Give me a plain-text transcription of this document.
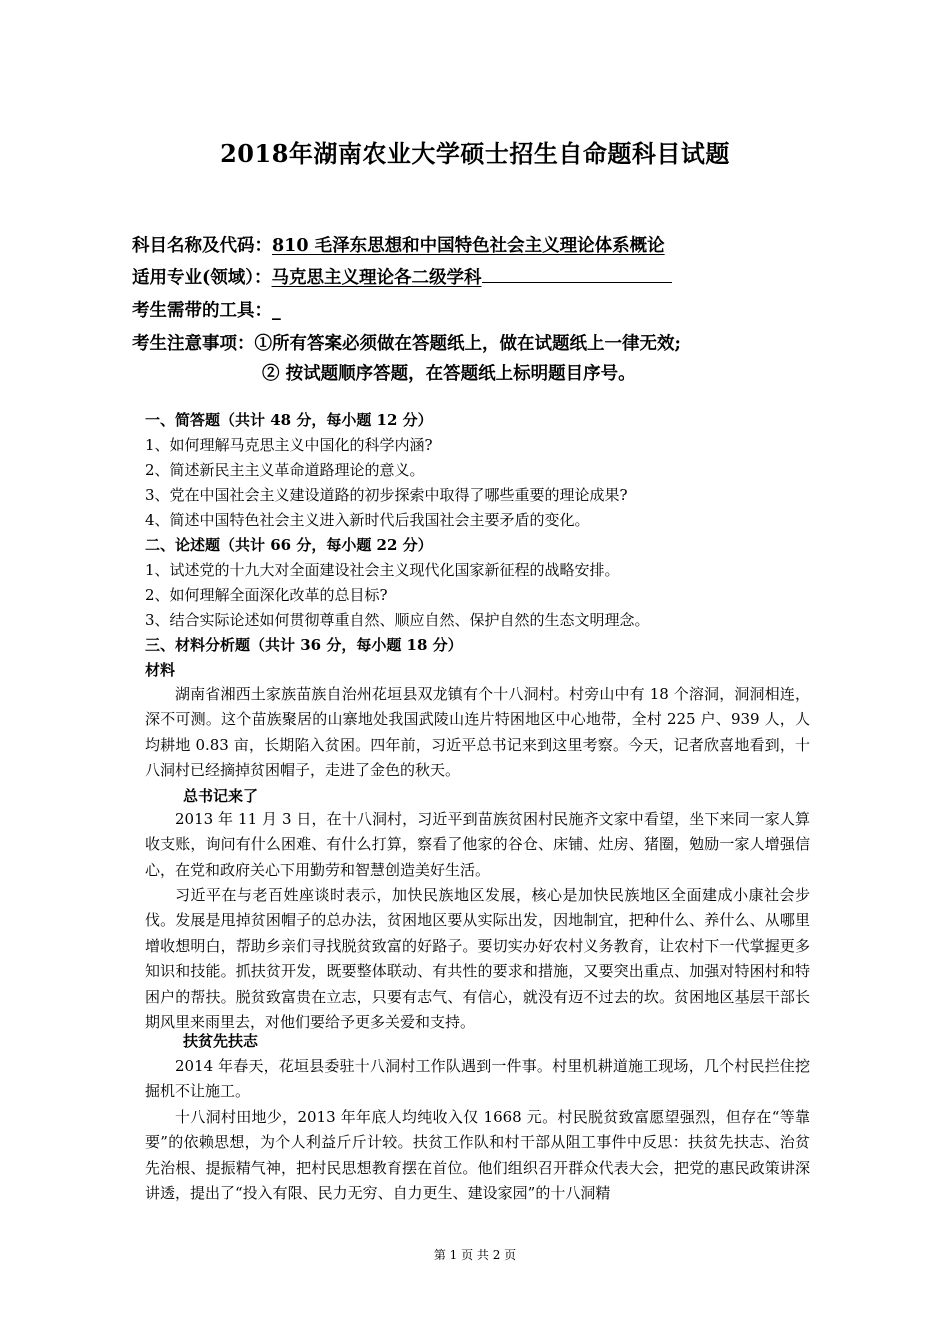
2018年湖南农业大学硕士招生自命题科目试题
科目名称及代码：810 毛泽东思想和中国特色社会主义理论体系概论
适用专业(领域）：马克思主义理论各二级学科
考生需带的工具：_
考生注意事项：①所有答案必须做在答题纸上，做在试题纸上一律无效;
② 按试题顺序答题，在答题纸上标明题目序号。
一、简答题（共计 48 分，每小题 12 分）
1、如何理解马克思主义中国化的科学内涵?
2、简述新民主主义革命道路理论的意义。
3、党在中国社会主义建设道路的初步探索中取得了哪些重要的理论成果?
4、简述中国特色社会主义进入新时代后我国社会主要矛盾的变化。
二、论述题（共计 66 分，每小题 22 分）
1、试述党的十九大对全面建设社会主义现代化国家新征程的战略安排。
2、如何理解全面深化改革的总目标?
3、结合实际论述如何贯彻尊重自然、顺应自然、保护自然的生态文明理念。
三、材料分析题（共计 36 分，每小题 18 分）
材料
湖南省湘西土家族苗族自治州花垣县双龙镇有个十八洞村。村旁山中有 18 个溶洞，洞洞相连，深不可测。这个苗族聚居的山寨地处我国武陵山连片特困地区中心地带，全村 225 户、939 人，人均耕地 0.83 亩，长期陷入贫困。四年前，习近平总书记来到这里考察。今天，记者欣喜地看到，十八洞村已经摘掉贫困帽子，走进了金色的秋天。
总书记来了
2013 年 11 月 3 日，在十八洞村，习近平到苗族贫困村民施齐文家中看望，坐下来同一家人算收支账，询问有什么困难、有什么打算，察看了他家的谷仓、床铺、灶房、猪圈，勉励一家人增强信心，在党和政府关心下用勤劳和智慧创造美好生活。
习近平在与老百姓座谈时表示，加快民族地区发展，核心是加快民族地区全面建成小康社会步伐。发展是甩掉贫困帽子的总办法，贫困地区要从实际出发，因地制宜，把种什么、养什么、从哪里增收想明白，帮助乡亲们寻找脱贫致富的好路子。要切实办好农村义务教育，让农村下一代掌握更多知识和技能。抓扶贫开发，既要整体联动、有共性的要求和措施，又要突出重点、加强对特困村和特困户的帮扶。脱贫致富贵在立志，只要有志气、有信心，就没有迈不过去的坎。贫困地区基层干部长期风里来雨里去，对他们要给予更多关爱和支持。
扶贫先扶志
2014 年春天，花垣县委驻十八洞村工作队遇到一件事。村里机耕道施工现场，几个村民拦住挖掘机不让施工。
十八洞村田地少，2013 年年底人均纯收入仅 1668 元。村民脱贫致富愿望强烈，但存在“等靠要”的依赖思想，为个人利益斤斤计较。扶贫工作队和村干部从阻工事件中反思：扶贫先扶志、治贫先治根、提振精气神，把村民思想教育摆在首位。他们组织召开群众代表大会，把党的惠民政策讲深讲透，提出了“投入有限、民力无穷、自力更生、建设家园”的十八洞精
第 1 页 共 2 页
